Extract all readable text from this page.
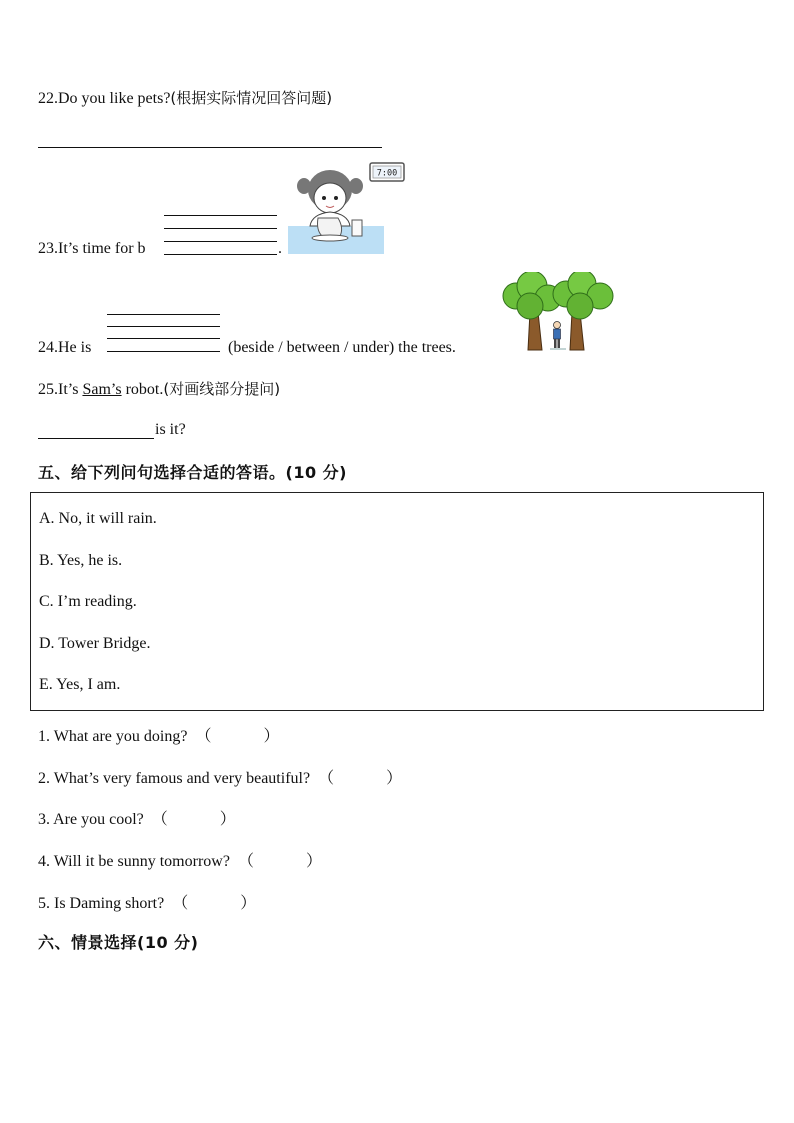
22.Do you like pets?(根据实际情况回答问题)
23.It’s time for b	.
7:00
24.He is	(beside / between / under) the trees.
25.It’s Sam’s robot.(对画线部分提问)
is it?
五、给下列问句选择合适的答语。(10 分)
A. No, it will rain.
B. Yes, he is.
C. I’m reading.
D. Tower Bridge.
E. Yes, I am.
1. What are you doing? （	）
2. What’s very famous and very beautiful? （	）
3. Are you cool? （	）
4. Will it be sunny tomorrow? （	）
5. Is Daming short? （	）
六、情景选择(10 分)
